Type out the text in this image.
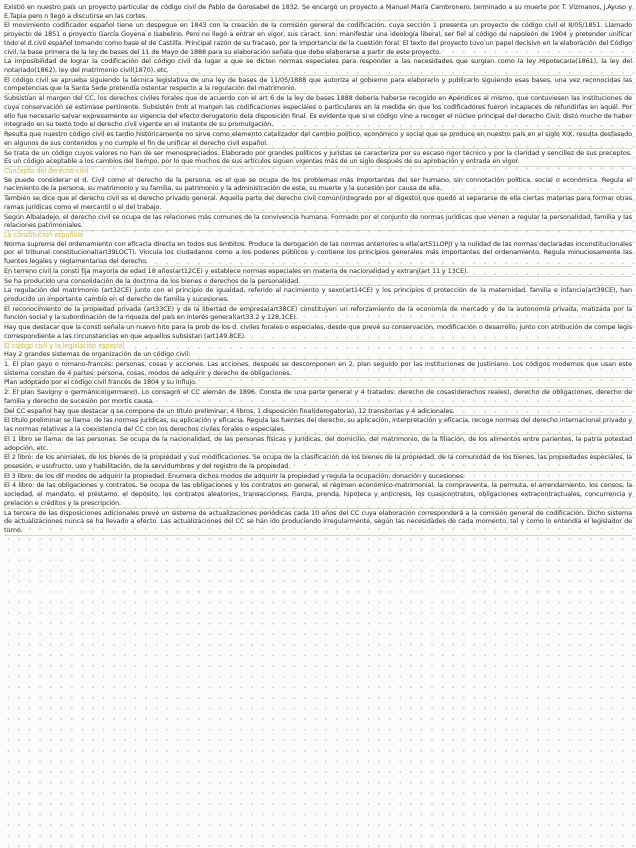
Existió en nuestro país un proyecto particular de código civil de Pablo de Gorosabel de 1832. Se encargó un proyecto a Manuel María Cambronero, terminado a su muerte por T. Vizmanos, J.Ayuso y E.Tapia pero n llegó a discutirse en las cortes.

El movimiento codificador español tiene un despegue en 1843 con la creación de la comisión general de codificación, cuya sección 1 presenta un proyecto de código civil el 8/05/1851. Llamado proyecto de 1851 o proyecto García Goyena o Isabelino. Pero no llegó a entrar en vigor, sus caract. son: manifestar una ideología liberal, ser fiel al código de napoleón de 1904 y pretender unificar todo el d.civil español tomando como base el de Castilla. Principal razón de su fracaso, por la importancia de la cuestión foral. El texto del proyecto tuvo un papel decisivo en la elaboración del Código civil, la base primera de la ley de bases del 11 de Mayo de 1888 para su elaboración señala que debe elaborarse a partir de este proyecto.

La imposibilidad de lograr la codificación del código civil da lugar a que se dicten normas especiales para responder a las necesidades que surgían como la ley Hipotecaria(1861), la ley del notariado(1862), ley del matrimonio civil(1870), etc.

El código civil se aprueba siguiendo la técnica legislativa de una ley de bases de 11/05/1888 que autoriza al gobierno para elaborarlo y publicarlo siguiendo esas bases, una vez reconocidas las competencias que la Santa Sede pretendía ostentar respecto a la regulación del matrimonio.

Subsistían al margen del CC, los derechos civiles forales que de acuerdo con el art 6 de la ley de bases 1888 debería haberse recogido en Apéndices al mismo, que contuviesen las instituciones de cuya conservación se estimase pertinente. Subsistén tmb al margen las codificaciones especiales o particulares en la medida en que los codificadores fueron incapaces de refundirlas en aquél. Por ello fue necesario salvar expresamente su vigencia del efecto derogatorio dela disposición final. Es evidente que si el código vino a recoger el núcleo principal del derecho Civil, distó mucho de haber integrado en su texto todo el derecho civil vigente en el instante de su promulgación.

Resulta que nuestro código civil es tardío históricamente no sirve como elemento catalizador del cambio político, económico y social que se produce en nuestro país en el siglo XIX, resulta desfasado en algunos de sus contenidos y no cumple el fin de unificar el derecho civil español.

Se trata de un código cuyos valores no han de ser menospreciados. Elaborado por grandes políticos y juristas se caracteriza por su escaso rigor técnico y por la claridad y sencillez de sus preceptos. Es un código aceptable a los cambios del tiempo, por lo que muchos de sus artículos siguen vigentes más de un siglo después de su aprobación y entrada en vigor.

Concepto del derecho civil

Se puede considerar el d. Civil como el derecho de la persona, es el que se ocupa de los problemas más importantes del ser humano, sin connotación política, social o económica. Regula el nacimiento de la persona, su matrimonio y su familia, su patrimonio y la administración de este, su muerte y la sucesión por causa de ella.

También se dice que el derecho civil es el derecho privado general. Aquella parte del derecho civil común(integrado por el digesto) que quedó al separarse de ella ciertas materias para formar otras ramas jurídicas como el mercantil o el del trabajo.

Según Albaladejo, el derecho civil se ocupa de las relaciones más comunes de la convivencia humana. Formado por el conjunto de normas jurídicas que vienen a regular la personalidad, familia y las relaciones patrimoniales.

La constitución española

Norma suprema del ordenamiento con eficacia directa en todos sus ámbitos. Produce la derogación de las normas anteriores a ella(art51LOPJ) y la nulidad de las normas declaradas inconstitucionales por el tribunal constitucional(art39LOCT). Vincula los ciudadanos como a los poderes públicos y contiene los principios generales más importantes del ordenamiento. Regula minuciosamente las fuentes legales y reglamentarias del derecho.

En terreno civil la consti fija mayoría de edad 18 años(art12CE) y establece normas especiales en materia de nacionalidad y extranj(art 11 y 13CE).

Se ha producido una consolidación de la doctrina de los bienes o derechos de la personalidad.

La regulación del matrimonio (art32CE) junto con el principio de igualdad, referido al nacimiento y sexo(art14CE) y los principios d protección de la maternidad, familia e infancia(art39CE), han producido un importante cambio en el derecho de familia y sucesiones.

El reconocimiento de la propiedad privada (art33CE) y de la libertad de empresa(art38CE) constituyen un reforzamiento de la economía de mercado y de la autonomía privada, matizada por la función social y la subordinación de la riqueza del país en interés general(art33.2 y 128,1CE).

Hay que destacar que la consti señala un nuevo hito para la prob de los d. civiles forales o especiales, desde que prevé su conservación, modificación o desarrollo, junto con atribución de compe legis correspondiente a las circunstancias en que aquellos subsistan (art149.8CE).

El código civil y la legislación especial

Hay 2 grandes sistemas de organización de un código civil:

1. El plan gayo o romano-francés: personas, cosas y acciones. Las acciones, después se descomponen en 2, plan seguido por las instituciones de Justiniano. Los códigos modernos que usan este sistema constan de 4 partes: persona, cosas, modos de adquirir y derecho de obligaciones.

Plan adoptado por el código civil francés de 1804 y su influjo.

2. El plan Savigny o germánico(germano). Lo consagró el CC alemán de 1896. Consta de una parte general y 4 tratados: derecho de cosas(derechos reales), derecho de obligaciones, derecho de familia y derecho de sucesión por mortis causa.

Del CC español hay que destacar q se compone de un título preliminar, 4 libros, 1 disposición final(derogatoria), 12 transitorias y 4 adicionales.

El título preliminar se llama: de las normas jurídicas, su aplicación y eficacia. Regula las fuentes del derecho, su aplicación, interpretación y eficacia, recoge normas del derecho internacional privado y las normas relativas a la coexistencia del CC con los derechos civiles forales o especiales.

El 1 libro se llama: de las personas. Se ocupa de la nacionalidad, de las personas físicas y jurídicas, del domicilio, del matrimonio, de la filiación, de los alimentos entre parientes, la patria potestad adopción, etc.

El 2 libro: de los animales, de los bienes de la propiedad y sus modificaciones. Se ocupa de la clasificación de los bienes de la propiedad, de la comunidad de los bienes, las propiedades especiales, la posesión, e usufructo, uso y habilitación, de la servidumbres y del registro de la propiedad.

El 3 libro: de los dif modos de adquirir la propiedad. Enumera dichos modos de adquirir la propiedad y regula la ocupación, donación y sucesiones.

El 4 libro: de las obligaciones y contratos. Se ocupa de las obligaciones y los contratos en general, el régimen económico-matrimonial, la compraventa, la permuta, el arrendamiento, los censos, la sociedad, el mandato, el préstamo, el depósito, los contratos aleatorios, transacciones, Fianza, prenda, hipoteca y anticresis, los cuasicontratos, obligaciones extracontractuales, concurrencia y prelación e créditos y la prescripción.

La tercera de las disposiciones adicionales prevé un sistema de actualizaciones periódicas cada 10 años del CC cuya elaboración corresponderá a la comisión general de codificación. Dicho sistema de actualizaciones nunca se ha llevado a efecto. Las actualizaciones del CC se han ido produciendo irregularmente, según las necesidades de cada momento, tal y como lo entendía el legislador de turno.
